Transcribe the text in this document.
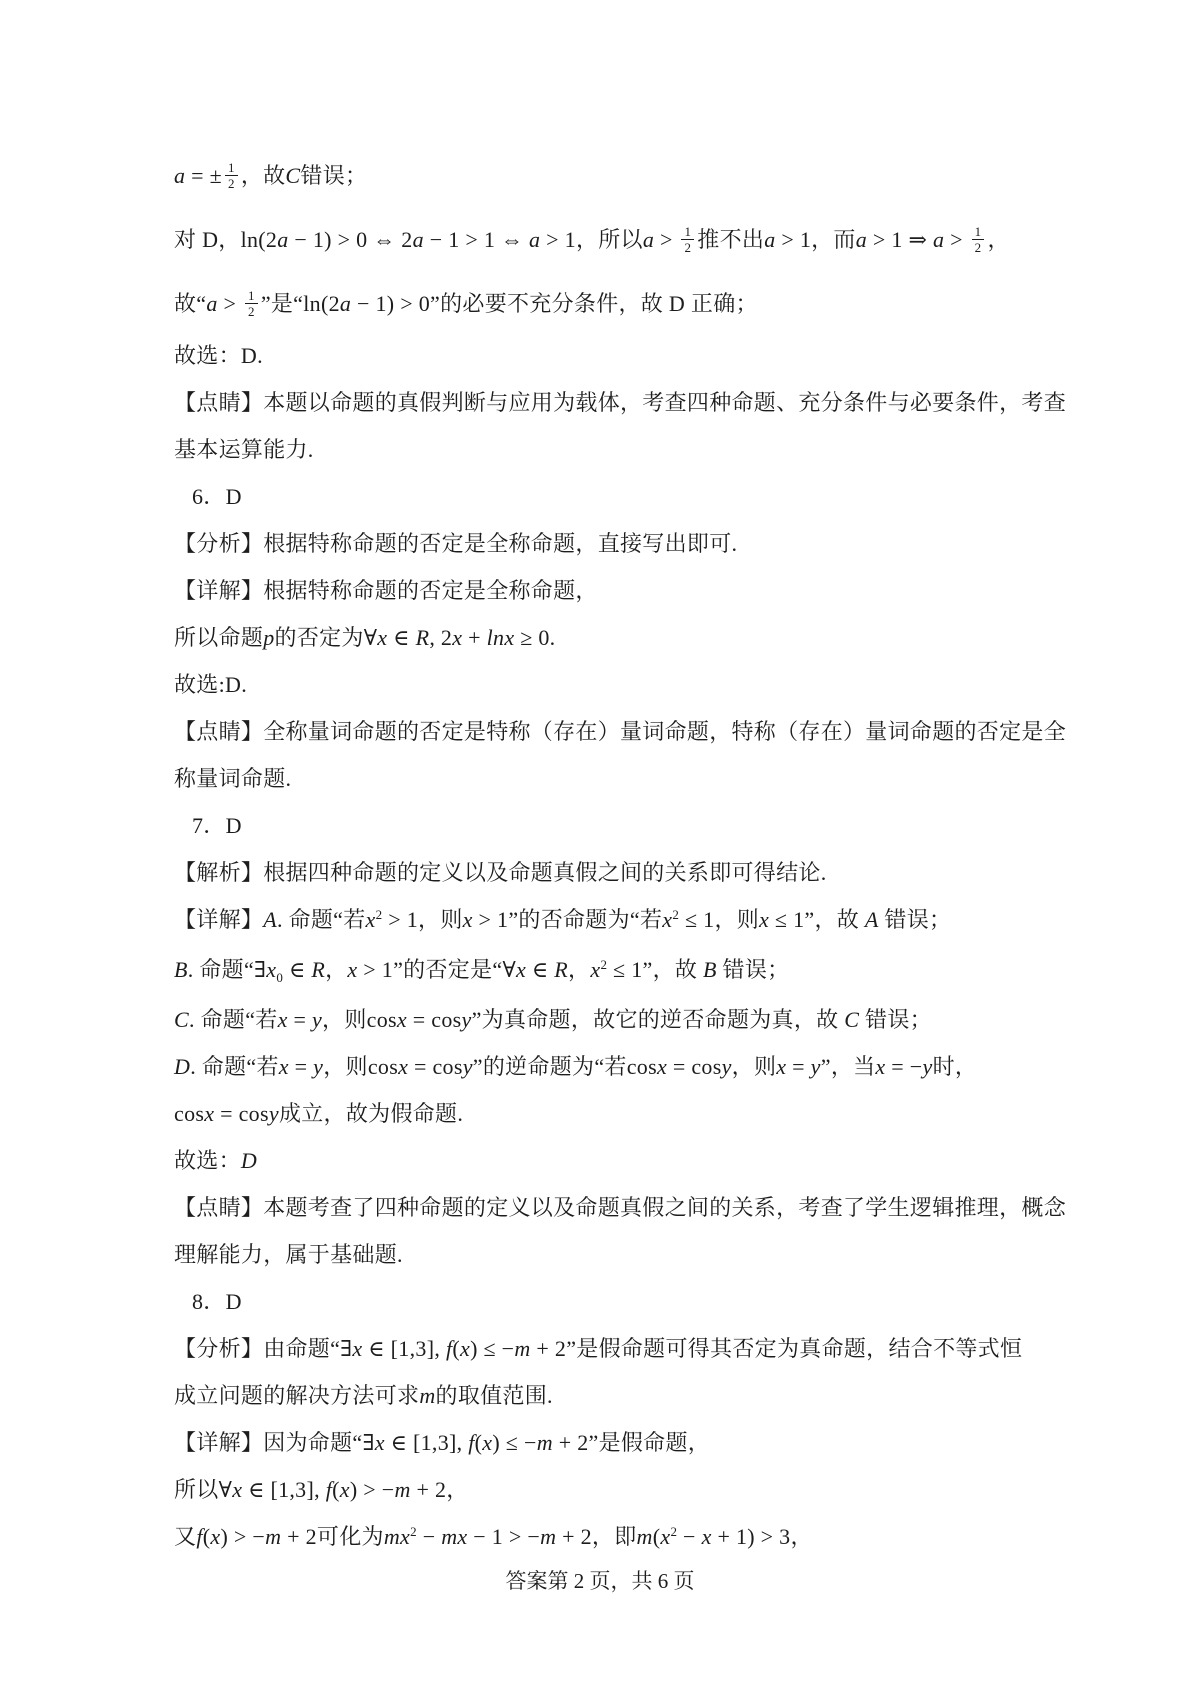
a = ± $\frac{1}{2}$ ，故C错误；
对 D，ln(2a − 1) > 0 ⇔ 2a − 1 > 1 ⇔ a > 1，所以$a > \frac{1}{2}$ 推不出a > 1，而a > 1 ⇒ $a > \frac{1}{2}$ ，
故“$a > \frac{1}{2}$ ”是“ln(2a − 1) > 0”的必要不充分条件，故 D 正确；
故选：D.
【点睛】本题以命题的真假判断与应用为载体，考查四种命题、充分条件与必要条件，考查
基本运算能力.
6．D
【分析】根据特称命题的否定是全称命题，直接写出即可.
【详解】根据特称命题的否定是全称命题，
所以命题p的否定为∀x ∈ R, 2x + lnx ≥ 0.
故选:D.
【点睛】全称量词命题的否定是特称（存在）量词命题，特称（存在）量词命题的否定是全
称量词命题.
7．D
【解析】根据四种命题的定义以及命题真假之间的关系即可得结论.
【详解】A. 命题“若$x^2 > 1$，则x > 1”的否命题为“若$x^2 \le 1$，则x ≤ 1”，故 A 错误；
B. 命题“$\exists x_0$ ∈ R，x > 1”的否定是“∀x ∈ R，$x^2 \le 1$”，故 B 错误；
C. 命题“若x = y，则cosx = cosy”为真命题，故它的逆否命题为真，故 C 错误；
D. 命题“若x = y，则cosx = cosy”的逆命题为“若cosx = cosy，则x = y”，当x = −y时，
cosx = cosy成立，故为假命题.
故选：D
【点睛】本题考查了四种命题的定义以及命题真假之间的关系，考查了学生逻辑推理，概念
理解能力，属于基础题.
8．D
【分析】由命题“∃x ∈ [1,3], f(x) ≤ −m + 2”是假命题可得其否定为真命题，结合不等式恒
成立问题的解决方法可求m的取值范围.
【详解】因为命题“∃x ∈ [1,3], f(x) ≤ −m + 2”是假命题，
所以∀x ∈ [1,3], f(x) > −m + 2，
又f(x) > −m + 2可化为$mx^2$ − mx − 1 > −m + 2，即$m(x^2 - x + 1) > 3$，
答案第 2 页，共 6 页
